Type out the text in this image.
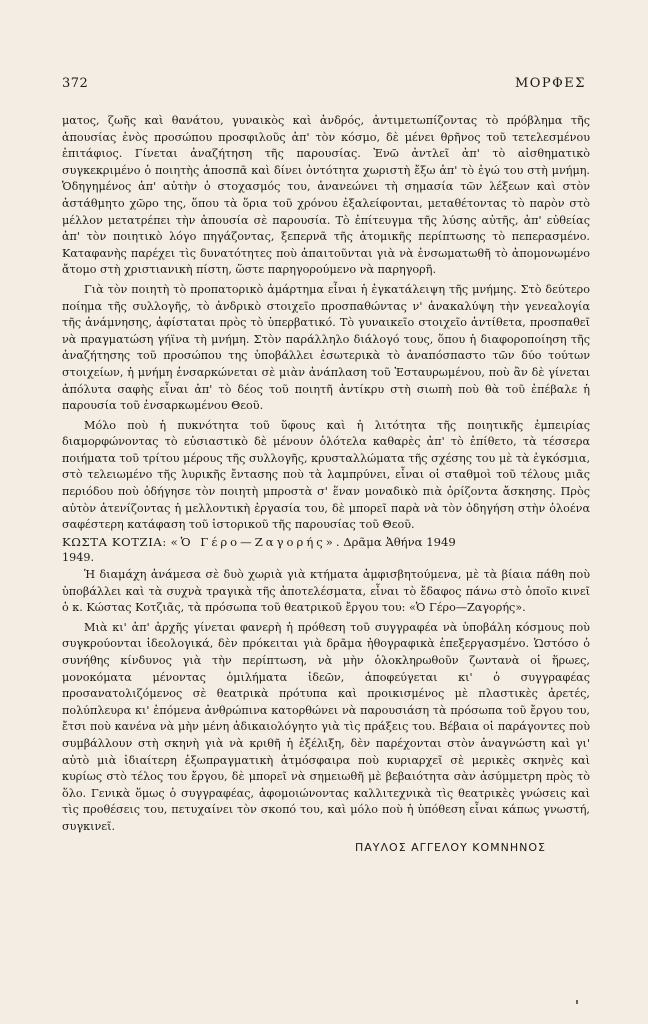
372	ΜΟΡΦΕΣ

ματος, ζωῆς καὶ θανάτου, γυναικὸς καὶ ἀνδρός, ἀντιμετωπίζοντας τὸ πρόβλημα τῆς ἀπουσίας ἑνὸς προσώπου προσφιλοῦς ἀπ' τὸν κόσμο, δὲ μένει θρῆνος τοῦ τετελεσμένου ἐπιτάφιος. Γίνεται ἀναζήτηση τῆς παρουσίας. Ἐνῶ ἀντλεῖ ἀπ' τὸ αἰσθηματικὸ συγκεκριμένο ὁ ποιητὴς ἀποσπᾶ καὶ δίνει ὀντότητα χωριστὴ ἔξω ἀπ' τὸ ἐγώ του στὴ μνήμη. Ὁδηγημένος ἀπ' αὐτὴν ὁ στοχασμός του, ἀνανεώνει τὴ σημασία τῶν λέξεων καὶ στὸν ἀστάθμητο χῶρο της, ὅπου τὰ ὅρια τοῦ χρόνου ἐξαλείφονται, μεταθέτοντας τὸ παρὸν στὸ μέλλον μετατρέπει τὴν ἀπουσία σὲ παρουσία. Τὸ ἐπίτευγμα τῆς λύσης αὐτῆς, ἀπ' εὐθείας ἀπ' τὸν ποιητικὸ λόγο πηγάζοντας, ξεπερνᾶ τῆς ἀτομικῆς περίπτωσης τὸ πεπερασμένο. Καταφανὴς παρέχει τὶς δυνατότητες ποὺ ἀπαιτοῦνται γιὰ νὰ ἐνσωματωθῆ τὸ ἀπομονωμένο ἄτομο στὴ χριστιανικὴ πίστη, ὥστε παρηγορούμενο νὰ παρηγορῆ.

Γιὰ τὸν ποιητὴ τὸ προπατορικὸ ἁμάρτημα εἶναι ἡ ἐγκατάλειψη τῆς μνήμης. Στὸ δεύτερο ποίημα τῆς συλλογῆς, τὸ ἀνδρικὸ στοιχεῖο προσπαθώντας ν' ἀνακαλύψη τὴν γενεαλογία τῆς ἀνάμνησης, ἀφίσταται πρὸς τὸ ὑπερβατικό. Τὸ γυναικεῖο στοιχεῖο ἀντίθετα, προσπαθεῖ νὰ πραγματώση γήϊνα τὴ μνήμη. Στὸν παράλληλο διάλογό τους, ὅπου ἡ διαφοροποίηση τῆς ἀναζήτησης τοῦ προσώπου της ὑποβάλλει ἐσωτερικὰ τὸ ἀναπόσπαστο τῶν δύο τούτων στοιχείων, ἡ μνήμη ἐνσαρκώνεται σὲ μιὰν ἀνάπλαση τοῦ Ἐσταυρωμένου, ποὺ ἂν δὲ γίνεται ἀπόλυτα σαφὴς εἶναι ἀπ' τὸ δέος τοῦ ποιητῆ ἀντίκρυ στὴ σιωπὴ ποὺ θὰ τοῦ ἐπέβαλε ἡ παρουσία τοῦ ἐνσαρκωμένου Θεοῦ.

Μόλο ποὺ ἡ πυκνότητα τοῦ ὕφους καὶ ἡ λιτότητα τῆς ποιητικῆς ἐμπειρίας διαμορφώνοντας τὸ εὐσιαστικὸ δὲ μένουν ὁλότελα καθαρὲς ἀπ' τὸ ἐπίθετο, τὰ τέσσερα ποιήματα τοῦ τρίτου μέρους τῆς συλλογῆς, κρυσταλλώματα τῆς σχέσης του μὲ τὰ ἐγκόσμια, στὸ τελειωμένο τῆς λυρικῆς ἔντασης ποὺ τὰ λαμπρύνει, εἶναι οἱ σταθμοὶ τοῦ τέλους μιᾶς περιόδου ποὺ ὁδήγησε τὸν ποιητὴ μπροστὰ σ' ἕναν μοναδικὸ πιὰ ὁρίζοντα ἄσκησης. Πρὸς αὐτὸν ἀτενίζοντας ἡ μελλοντικὴ ἐργασία του, δὲ μπορεῖ παρὰ νὰ τὸν ὁδηγήση στὴν ὁλοένα σαφέστερη κατάφαση τοῦ ἱστορικοῦ τῆς παρουσίας τοῦ Θεοῦ.

ΚΩΣΤΑ ΚΟΤΖΙΑ: «Ὁ Γέρο—Ζαγορής». Δρᾶμα Ἀθήνα 1949

1949.

Ἡ διαμάχη ἀνάμεσα σὲ δυὸ χωριὰ γιὰ κτήματα ἀμφισβητούμενα, μὲ τὰ βίαια πάθη ποὺ ὑποβάλλει καὶ τὰ συχνὰ τραγικὰ τῆς ἀποτελέσματα, εἶναι τὸ ἔδαφος πάνω στὸ ὁποῖο κινεῖ ὁ κ. Κώστας Κοτζιᾶς, τὰ πρόσωπα τοῦ θεατρικοῦ ἔργου του: «Ὁ Γέρο—Ζαγορής».

Μιὰ κι' ἀπ' ἀρχῆς γίνεται φανερὴ ἡ πρόθεση τοῦ συγγραφέα νὰ ὑποβάλη κόσμους ποὺ συγκρούονται ἰδεολογικά, δὲν πρόκειται γιὰ δρᾶμα ἠθογραφικὰ ἐπεξεργασμένο. Ὡστόσο ὁ συνήθης κίνδυνος γιὰ τὴν περίπτωση, νὰ μὴν ὁλοκληρωθοῦν ζωντανὰ οἱ ἥρωες, μονοκόματα μένοντας ὁμιλήματα ἰδεῶν, ἀποφεύγεται κι' ὁ συγγραφέας προσανατολιζόμενος σὲ θεατρικὰ πρότυπα καὶ προικισμένος μὲ πλαστικὲς ἀρετές, πολύπλευρα κι' ἑπόμενα ἀνθρώπινα κατορθώνει νὰ παρουσιάση τὰ πρόσωπα τοῦ ἔργου του, ἔτσι ποὺ κανένα νὰ μὴν μένη ἀδικαιολόγητο γιὰ τὶς πράξεις του. Βέβαια οἱ παράγοντες ποὺ συμβάλλουν στὴ σκηνὴ γιὰ νὰ κριθῆ ἡ ἐξέλιξη, δὲν παρέχονται στὸν ἀναγνώστη καὶ γι' αὐτὸ μιὰ ἰδιαίτερη ἐξωπραγματικὴ ἀτμόσφαιρα ποὺ κυριαρχεῖ σὲ μερικὲς σκηνὲς καὶ κυρίως στὸ τέλος του ἔργου, δὲ μπορεῖ νὰ σημειωθῆ μὲ βεβαιότητα σὰν ἀσύμμετρη πρὸς τὸ ὅλο. Γενικὰ ὅμως ὁ συγγραφέας, ἀφομοιώνοντας καλλιτεχνικὰ τὶς θεατρικὲς γνώσεις καὶ τὶς προθέσεις του, πετυχαίνει τὸν σκοπό του, καὶ μόλο ποὺ ἡ ὑπόθεση εἶναι κάπως γνωστή, συγκινεῖ.

ΠΑΥΛΟΣ ΑΓΓΕΛΟΥ ΚΟΜΝΗΝΟΣ
